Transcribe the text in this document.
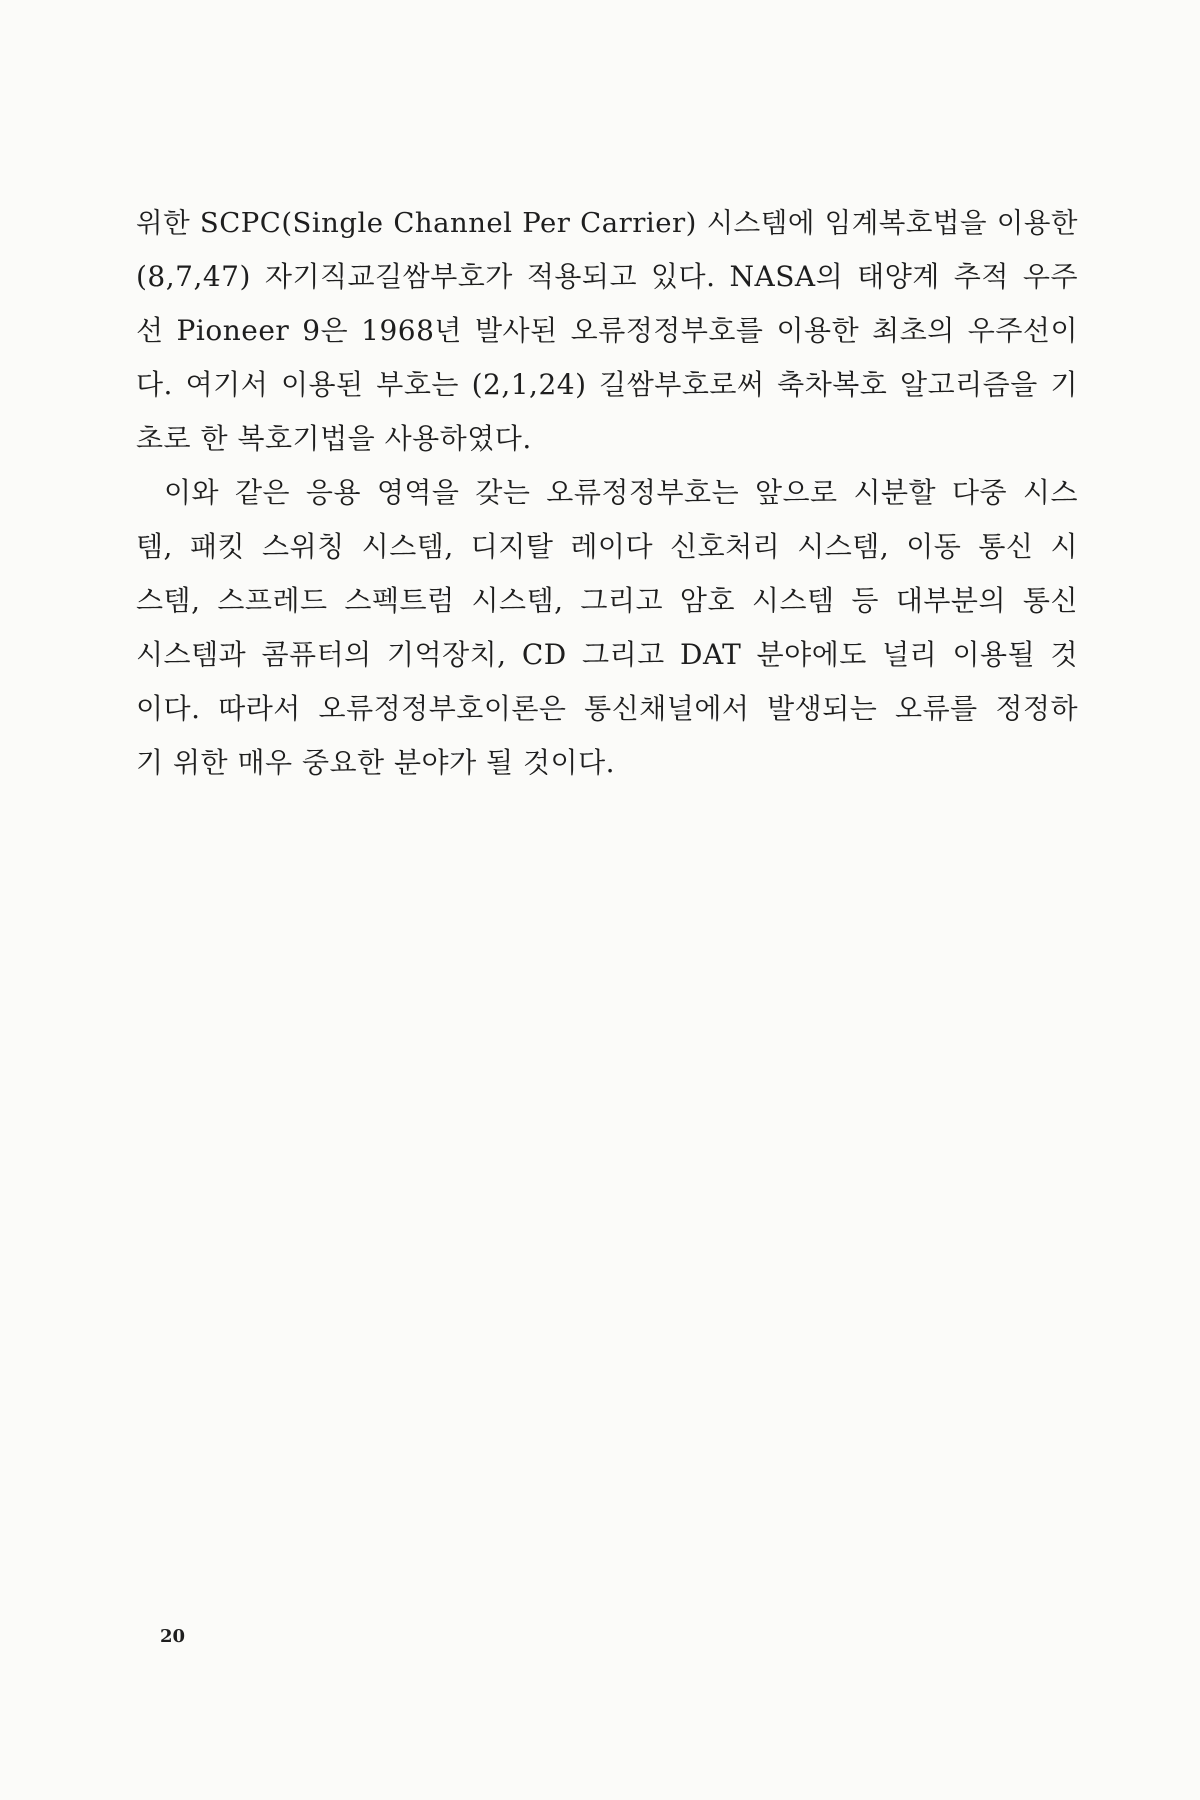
위한 SCPC(Single Channel Per Carrier) 시스템에 임계복호법을 이용한
(8,7,47) 자기직교길쌈부호가 적용되고 있다. NASA의 태양계 추적 우주
선 Pioneer 9은 1968년 발사된 오류정정부호를 이용한 최초의 우주선이
다. 여기서 이용된 부호는 (2,1,24) 길쌈부호로써 축차복호 알고리즘을 기
초로 한 복호기법을 사용하였다.
이와 같은 응용 영역을 갖는 오류정정부호는 앞으로 시분할 다중 시스
템, 패킷 스위칭 시스템, 디지탈 레이다 신호처리 시스템, 이동 통신 시
스템, 스프레드 스펙트럼 시스템, 그리고 암호 시스템 등 대부분의 통신
시스템과 콤퓨터의 기억장치, CD 그리고 DAT 분야에도 널리 이용될 것
이다. 따라서 오류정정부호이론은 통신채널에서 발생되는 오류를 정정하
기 위한 매우 중요한 분야가 될 것이다.
20
